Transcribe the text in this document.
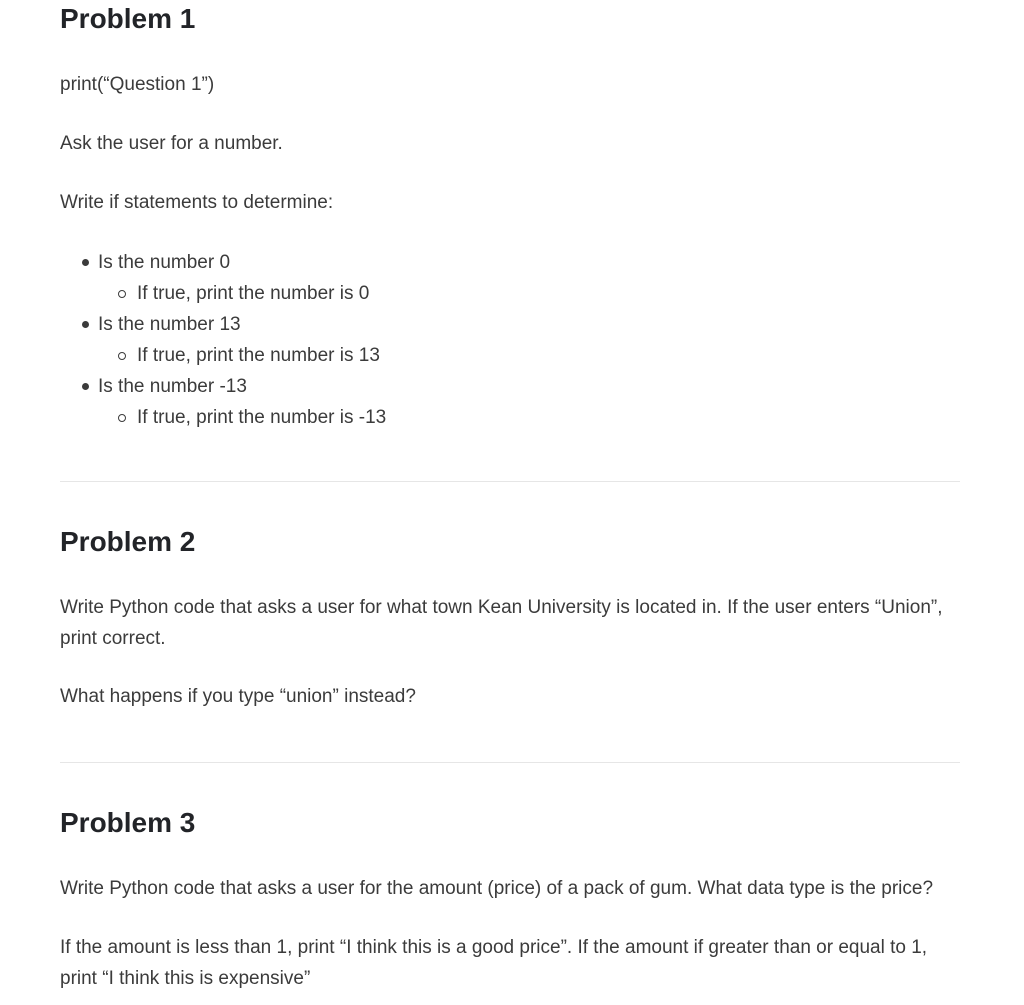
Problem 1

print(“Question 1”)

Ask the user for a number.

Write if statements to determine:

Is the number 0
If true, print the number is 0
Is the number 13
If true, print the number is 13
Is the number -13
If true, print the number is -13
Problem 2

Write Python code that asks a user for what town Kean University is located in. If the user enters “Union”, print correct.

What happens if you type “union” instead?

Problem 3

Write Python code that asks a user for the amount (price) of a pack of gum. What data type is the price?

If the amount is less than 1, print “I think this is a good price”. If the amount if greater than or equal to 1, print “I think this is expensive”
